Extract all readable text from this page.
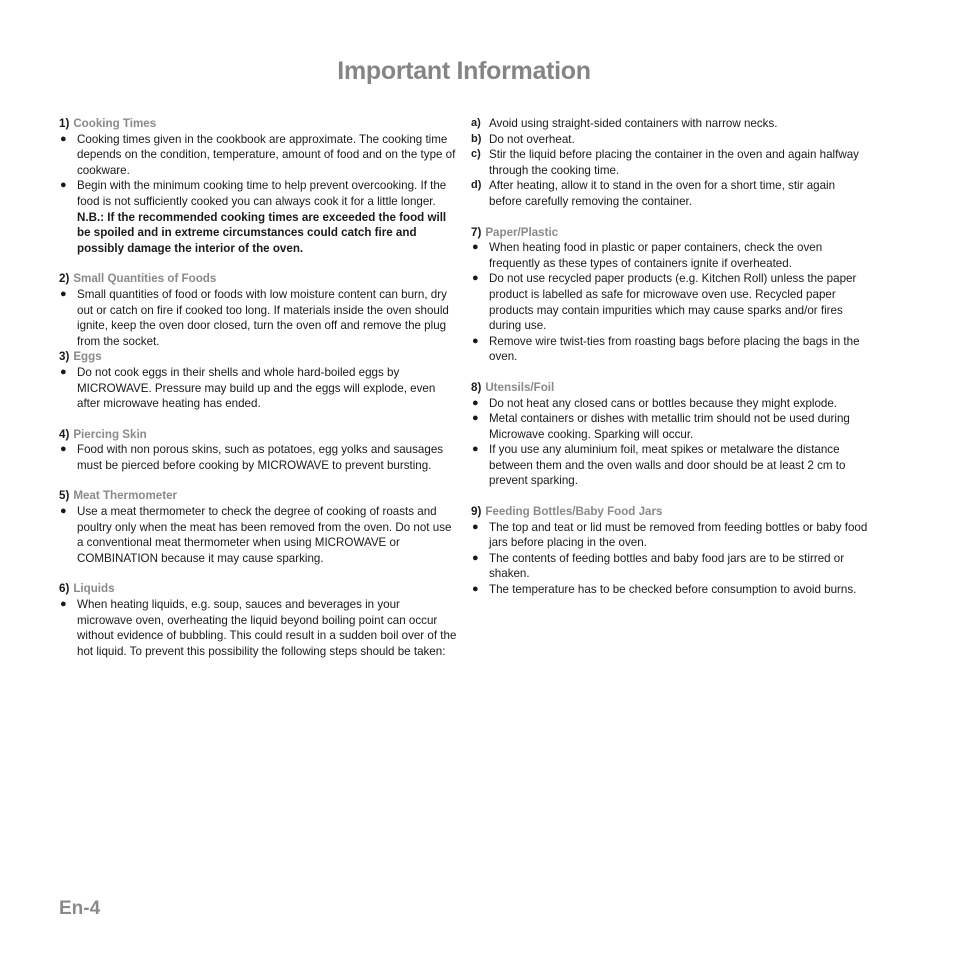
Important Information
1) Cooking Times
● Cooking times given in the cookbook are approximate. The cooking time depends on the condition, temperature, amount of food and on the type of cookware.
● Begin with the minimum cooking time to help prevent overcooking. If the food is not sufficiently cooked you can always cook it for a little longer.
N.B.: If the recommended cooking times are exceeded the food will be spoiled and in extreme circumstances could catch fire and possibly damage the interior of the oven.
2) Small Quantities of Foods
● Small quantities of food or foods with low moisture content can burn, dry out or catch on fire if cooked too long. If materials inside the oven should ignite, keep the oven door closed, turn the oven off and remove the plug from the socket.
3) Eggs
● Do not cook eggs in their shells and whole hard-boiled eggs by MICROWAVE. Pressure may build up and the eggs will explode, even after microwave heating has ended.
4) Piercing Skin
● Food with non porous skins, such as potatoes, egg yolks and sausages must be pierced before cooking by MICROWAVE to prevent bursting.
5) Meat Thermometer
● Use a meat thermometer to check the degree of cooking of roasts and poultry only when the meat has been removed from the oven. Do not use a conventional meat thermometer when using MICROWAVE or COMBINATION because it may cause sparking.
6) Liquids
● When heating liquids, e.g. soup, sauces and beverages in your microwave oven, overheating the liquid beyond boiling point can occur without evidence of bubbling. This could result in a sudden boil over of the hot liquid. To prevent this possibility the following steps should be taken:
a) Avoid using straight-sided containers with narrow necks.
b) Do not overheat.
c) Stir the liquid before placing the container in the oven and again halfway through the cooking time.
d) After heating, allow it to stand in the oven for a short time, stir again before carefully removing the container.
7) Paper/Plastic
● When heating food in plastic or paper containers, check the oven frequently as these types of containers ignite if overheated.
● Do not use recycled paper products (e.g. Kitchen Roll) unless the paper product is labelled as safe for microwave oven use. Recycled paper products may contain impurities which may cause sparks and/or fires during use.
● Remove wire twist-ties from roasting bags before placing the bags in the oven.
8) Utensils/Foil
● Do not heat any closed cans or bottles because they might explode.
● Metal containers or dishes with metallic trim should not be used during Microwave cooking. Sparking will occur.
● If you use any aluminium foil, meat spikes or metalware the distance between them and the oven walls and door should be at least 2 cm to prevent sparking.
9) Feeding Bottles/Baby Food Jars
● The top and teat or lid must be removed from feeding bottles or baby food jars before placing in the oven.
● The contents of feeding bottles and baby food jars are to be stirred or shaken.
● The temperature has to be checked before consumption to avoid burns.
En-4
